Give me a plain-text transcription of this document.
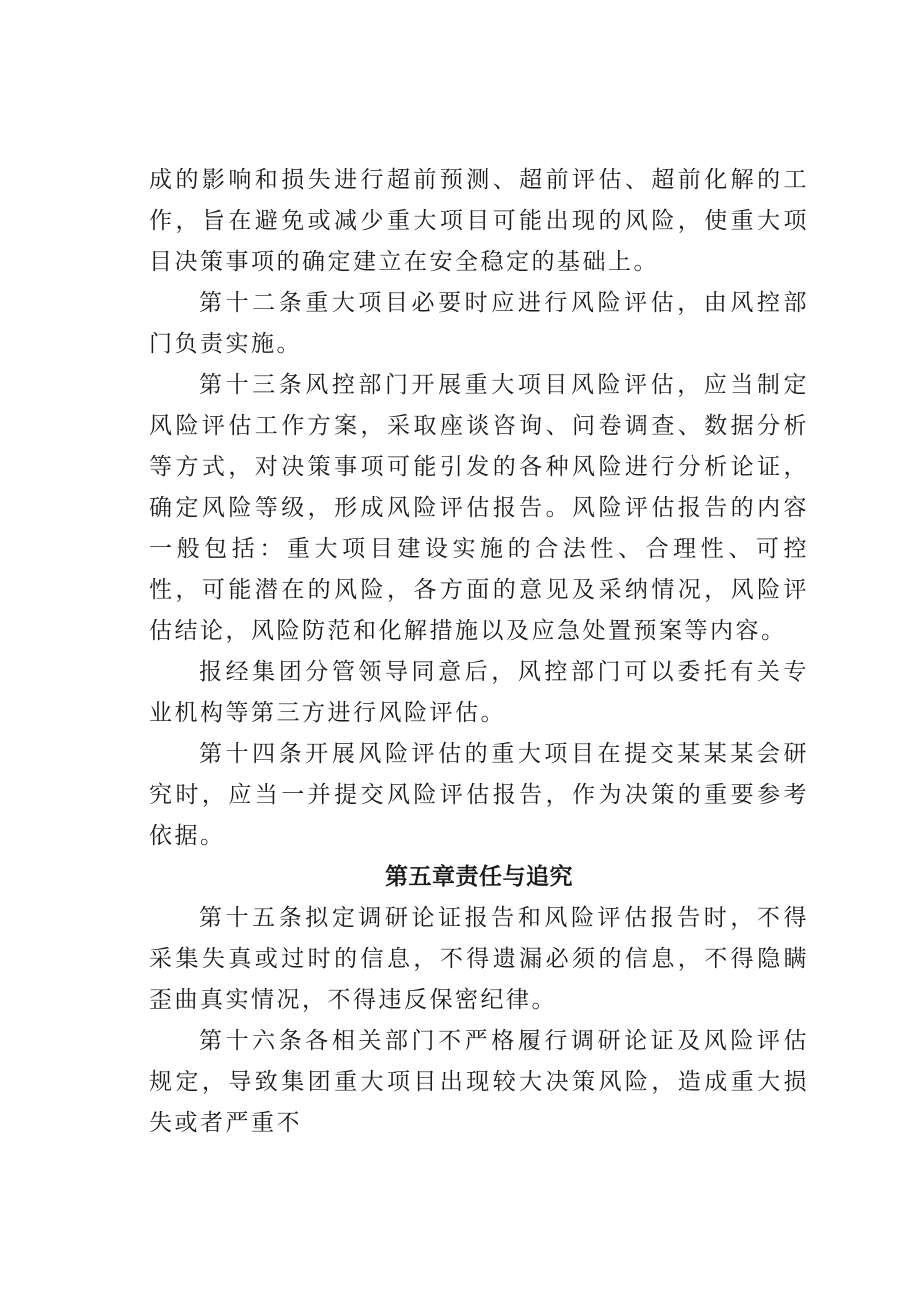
成的影响和损失进行超前预测、超前评估、超前化解的工作，旨在避免或减少重大项目可能出现的风险，使重大项目决策事项的确定建立在安全稳定的基础上。

第十二条重大项目必要时应进行风险评估，由风控部门负责实施。

第十三条风控部门开展重大项目风险评估，应当制定风险评估工作方案，采取座谈咨询、问卷调查、数据分析等方式，对决策事项可能引发的各种风险进行分析论证，确定风险等级，形成风险评估报告。风险评估报告的内容一般包括：重大项目建设实施的合法性、合理性、可控性，可能潜在的风险，各方面的意见及采纳情况，风险评估结论，风险防范和化解措施以及应急处置预案等内容。

报经集团分管领导同意后，风控部门可以委托有关专业机构等第三方进行风险评估。

第十四条开展风险评估的重大项目在提交某某某会研究时，应当一并提交风险评估报告，作为决策的重要参考依据。

第五章责任与追究

第十五条拟定调研论证报告和风险评估报告时，不得采集失真或过时的信息，不得遗漏必须的信息，不得隐瞒歪曲真实情况，不得违反保密纪律。

第十六条各相关部门不严格履行调研论证及风险评估规定，导致集团重大项目出现较大决策风险，造成重大损失或者严重不
